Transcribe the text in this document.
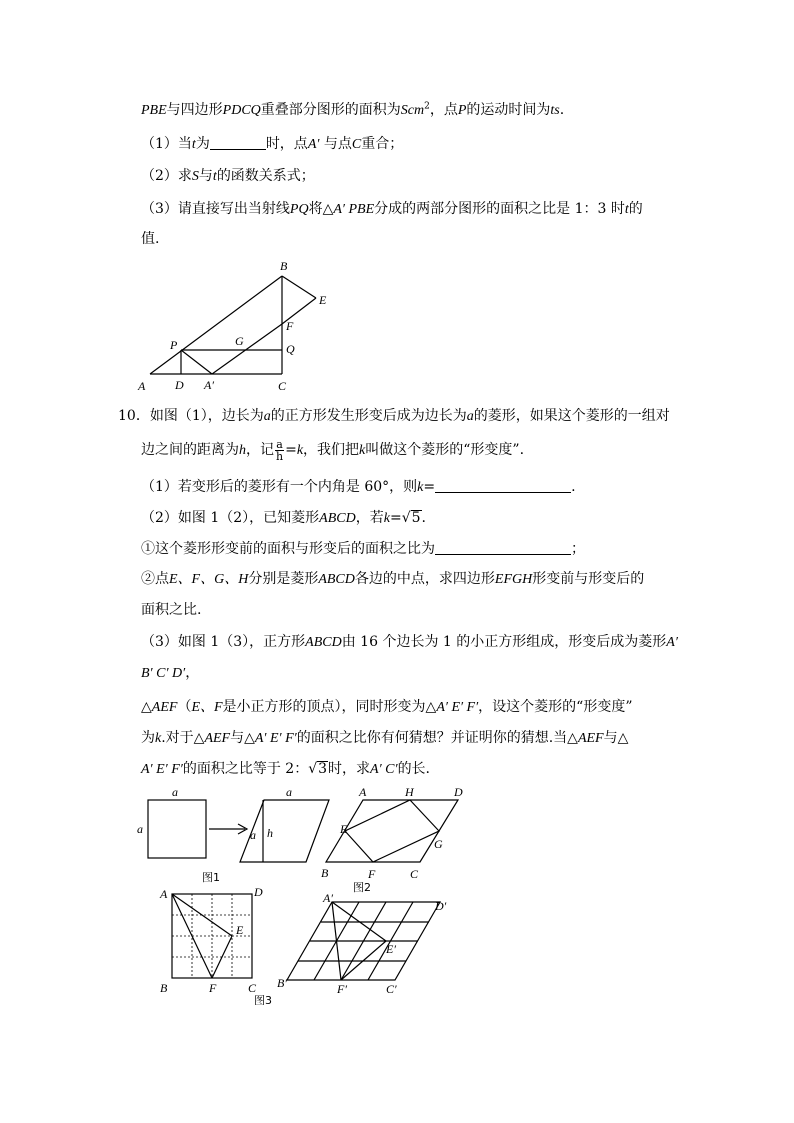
PBE与四边形PDCQ重叠部分图形的面积为Scm$^2$，点P的运动时间为ts.
（1）当t为	时，点A′ 与点C重合；
（2）求S与t的函数关系式；
（3）请直接写出当射线PQ将△A′ PBE分成的两部分图形的面积之比是 1：3 时t的
值.
B
E
F
P	G
Q
A D A′	C
10．如图（1），边长为a的正方形发生形变后成为边长为a的菱形，如果这个菱形的一组对
边之间的距离为h，记 $\frac{a}{h} =k$，我们把k叫做这个菱形的“形变度”.
（1）若变形后的菱形有一个内角是 60°，则k=	.
（2）如图 1（2），已知菱形ABCD，若k=√5.
①这个菱形形变前的面积与形变后的面积之比为	；
②点E、F、G、H分别是菱形ABCD各边的中点，求四边形EFGH形变前与形变后的
面积之比.
（3）如图 1（3），正方形ABCD由 16 个边长为 1 的小正方形组成，形变后成为菱形A′
B′ C′ D′，
△AEF（E、F是小正方形的顶点），同时形变为△A′ E′ F′，设这个菱形的“形变度”
为k.对于△AEF与△A′ E′ F′的面积之比你有何猜想？并证明你的猜想.当△AEF与△
A′ E′ F′的面积之比等于 2：√3时，求A′ C′的长.
a
a
a
a h
图1
A	H	D
E
G
B	F	C
图2
A	D
E
B	F	C
图3
A′
D′
E′
B′	F′	C′
